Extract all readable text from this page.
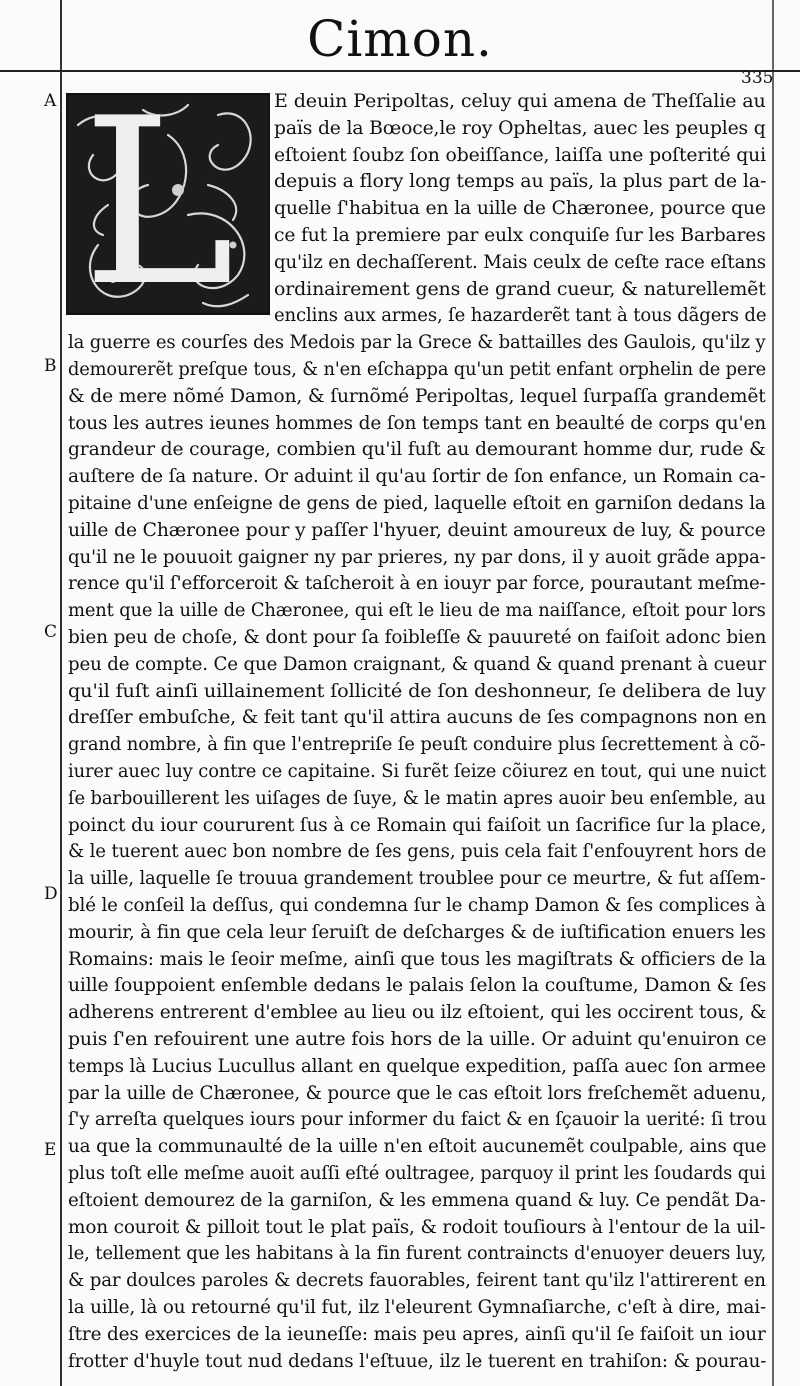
Cimon.
335
A
B
C
D
E
L	E deuin Peripoltas, celuy qui amena de Theſſalie au
païs de la Bœoce,le roy Opheltas, auec les peuples q
eſtoient ſoubz ſon obeiſſance, laiſſa une poſterité qui
depuis a flory long temps au païs, la plus part de la-
quelle ſ'habitua en la uille de Chæronee, pource que
ce fut la premiere par eulx conquiſe ſur les Barbares
qu'ilz en dechaſſerent. Mais ceulx de ceſte race eſtans
ordinairement gens de grand cueur, & naturellemẽt
enclins aux armes, ſe hazarderẽt tant à tous dãgers de
la guerre es courſes des Medois par la Grece & battailles des Gaulois, qu'ilz y
demourerẽt preſque tous, & n'en eſchappa qu'un petit enfant orphelin de pere
& de mere nõmé Damon, & ſurnõmé Peripoltas, lequel ſurpaſſa grandemẽt
tous les autres ieunes hommes de ſon temps tant en beaulté de corps qu'en
grandeur de courage, combien qu'il fuſt au demourant homme dur, rude &
auſtere de ſa nature. Or aduint il qu'au ſortir de ſon enfance, un Romain ca-
pitaine d'une enſeigne de gens de pied, laquelle eſtoit en garniſon dedans la
uille de Chæronee pour y paſſer l'hyuer, deuint amoureux de luy, & pource
qu'il ne le pouuoit gaigner ny par prieres, ny par dons, il y auoit grãde appa-
rence qu'il ſ'efforceroit & taſcheroit à en iouyr par force, pourautant meſme-
ment que la uille de Chæronee, qui eſt le lieu de ma naiſſance, eſtoit pour lors
bien peu de choſe, & dont pour ſa foibleſſe & pauureté on faiſoit adonc bien
peu de compte. Ce que Damon craignant, & quand & quand prenant à cueur
qu'il fuſt ainſi uillainement ſollicité de ſon deshonneur, ſe delibera de luy
dreſſer embuſche, & feit tant qu'il attira aucuns de ſes compagnons non en
grand nombre, à fin que l'entrepriſe ſe peuſt conduire plus ſecrettement à cõ-
iurer auec luy contre ce capitaine. Si furẽt ſeize cõiurez en tout, qui une nuict
ſe barbouillerent les uiſages de ſuye, & le matin apres auoir beu enſemble, au
poinct du iour coururent ſus à ce Romain qui faiſoit un ſacrifice ſur la place,
& le tuerent auec bon nombre de ſes gens, puis cela fait ſ'enfouyrent hors de
la uille, laquelle ſe trouua grandement troublee pour ce meurtre, & fut aſſem-
blé le conſeil la deſſus, qui condemna ſur le champ Damon & ſes complices à
mourir, à fin que cela leur ſeruiſt de deſcharges & de iuſtification enuers les
Romains: mais le ſeoir meſme, ainſi que tous les magiſtrats & officiers de la
uille ſouppoient enſemble dedans le palais ſelon la couſtume, Damon & ſes
adherens entrerent d'emblee au lieu ou ilz eſtoient, qui les occirent tous, &
puis ſ'en refouirent une autre fois hors de la uille. Or aduint qu'enuiron ce
temps là Lucius Lucullus allant en quelque expedition, paſſa auec ſon armee
par la uille de Chæronee, & pource que le cas eſtoit lors freſchemẽt aduenu,
ſ'y arreſta quelques iours pour informer du faict & en ſçauoir la uerité: ſi trou
ua que la communaulté de la uille n'en eſtoit aucunemẽt coulpable, ains que
plus toſt elle meſme auoit auſſi eſté oultragee, parquoy il print les ſoudards qui
eſtoient demourez de la garniſon, & les emmena quand & luy. Ce pendãt Da-
mon couroit & pilloit tout le plat païs, & rodoit touſiours à l'entour de la uil-
le, tellement que les habitans à la fin furent contraincts d'enuoyer deuers luy,
& par doulces paroles & decrets fauorables, feirent tant qu'ilz l'attirerent en
la uille, là ou retourné qu'il fut, ilz l'eleurent Gymnaſiarche, c'eſt à dire, mai-
ſtre des exercices de la ieuneſſe: mais peu apres, ainſi qu'il ſe faiſoit un iour
frotter d'huyle tout nud dedans l'eſtuue, ilz le tuerent en trahiſon: & pourau-
